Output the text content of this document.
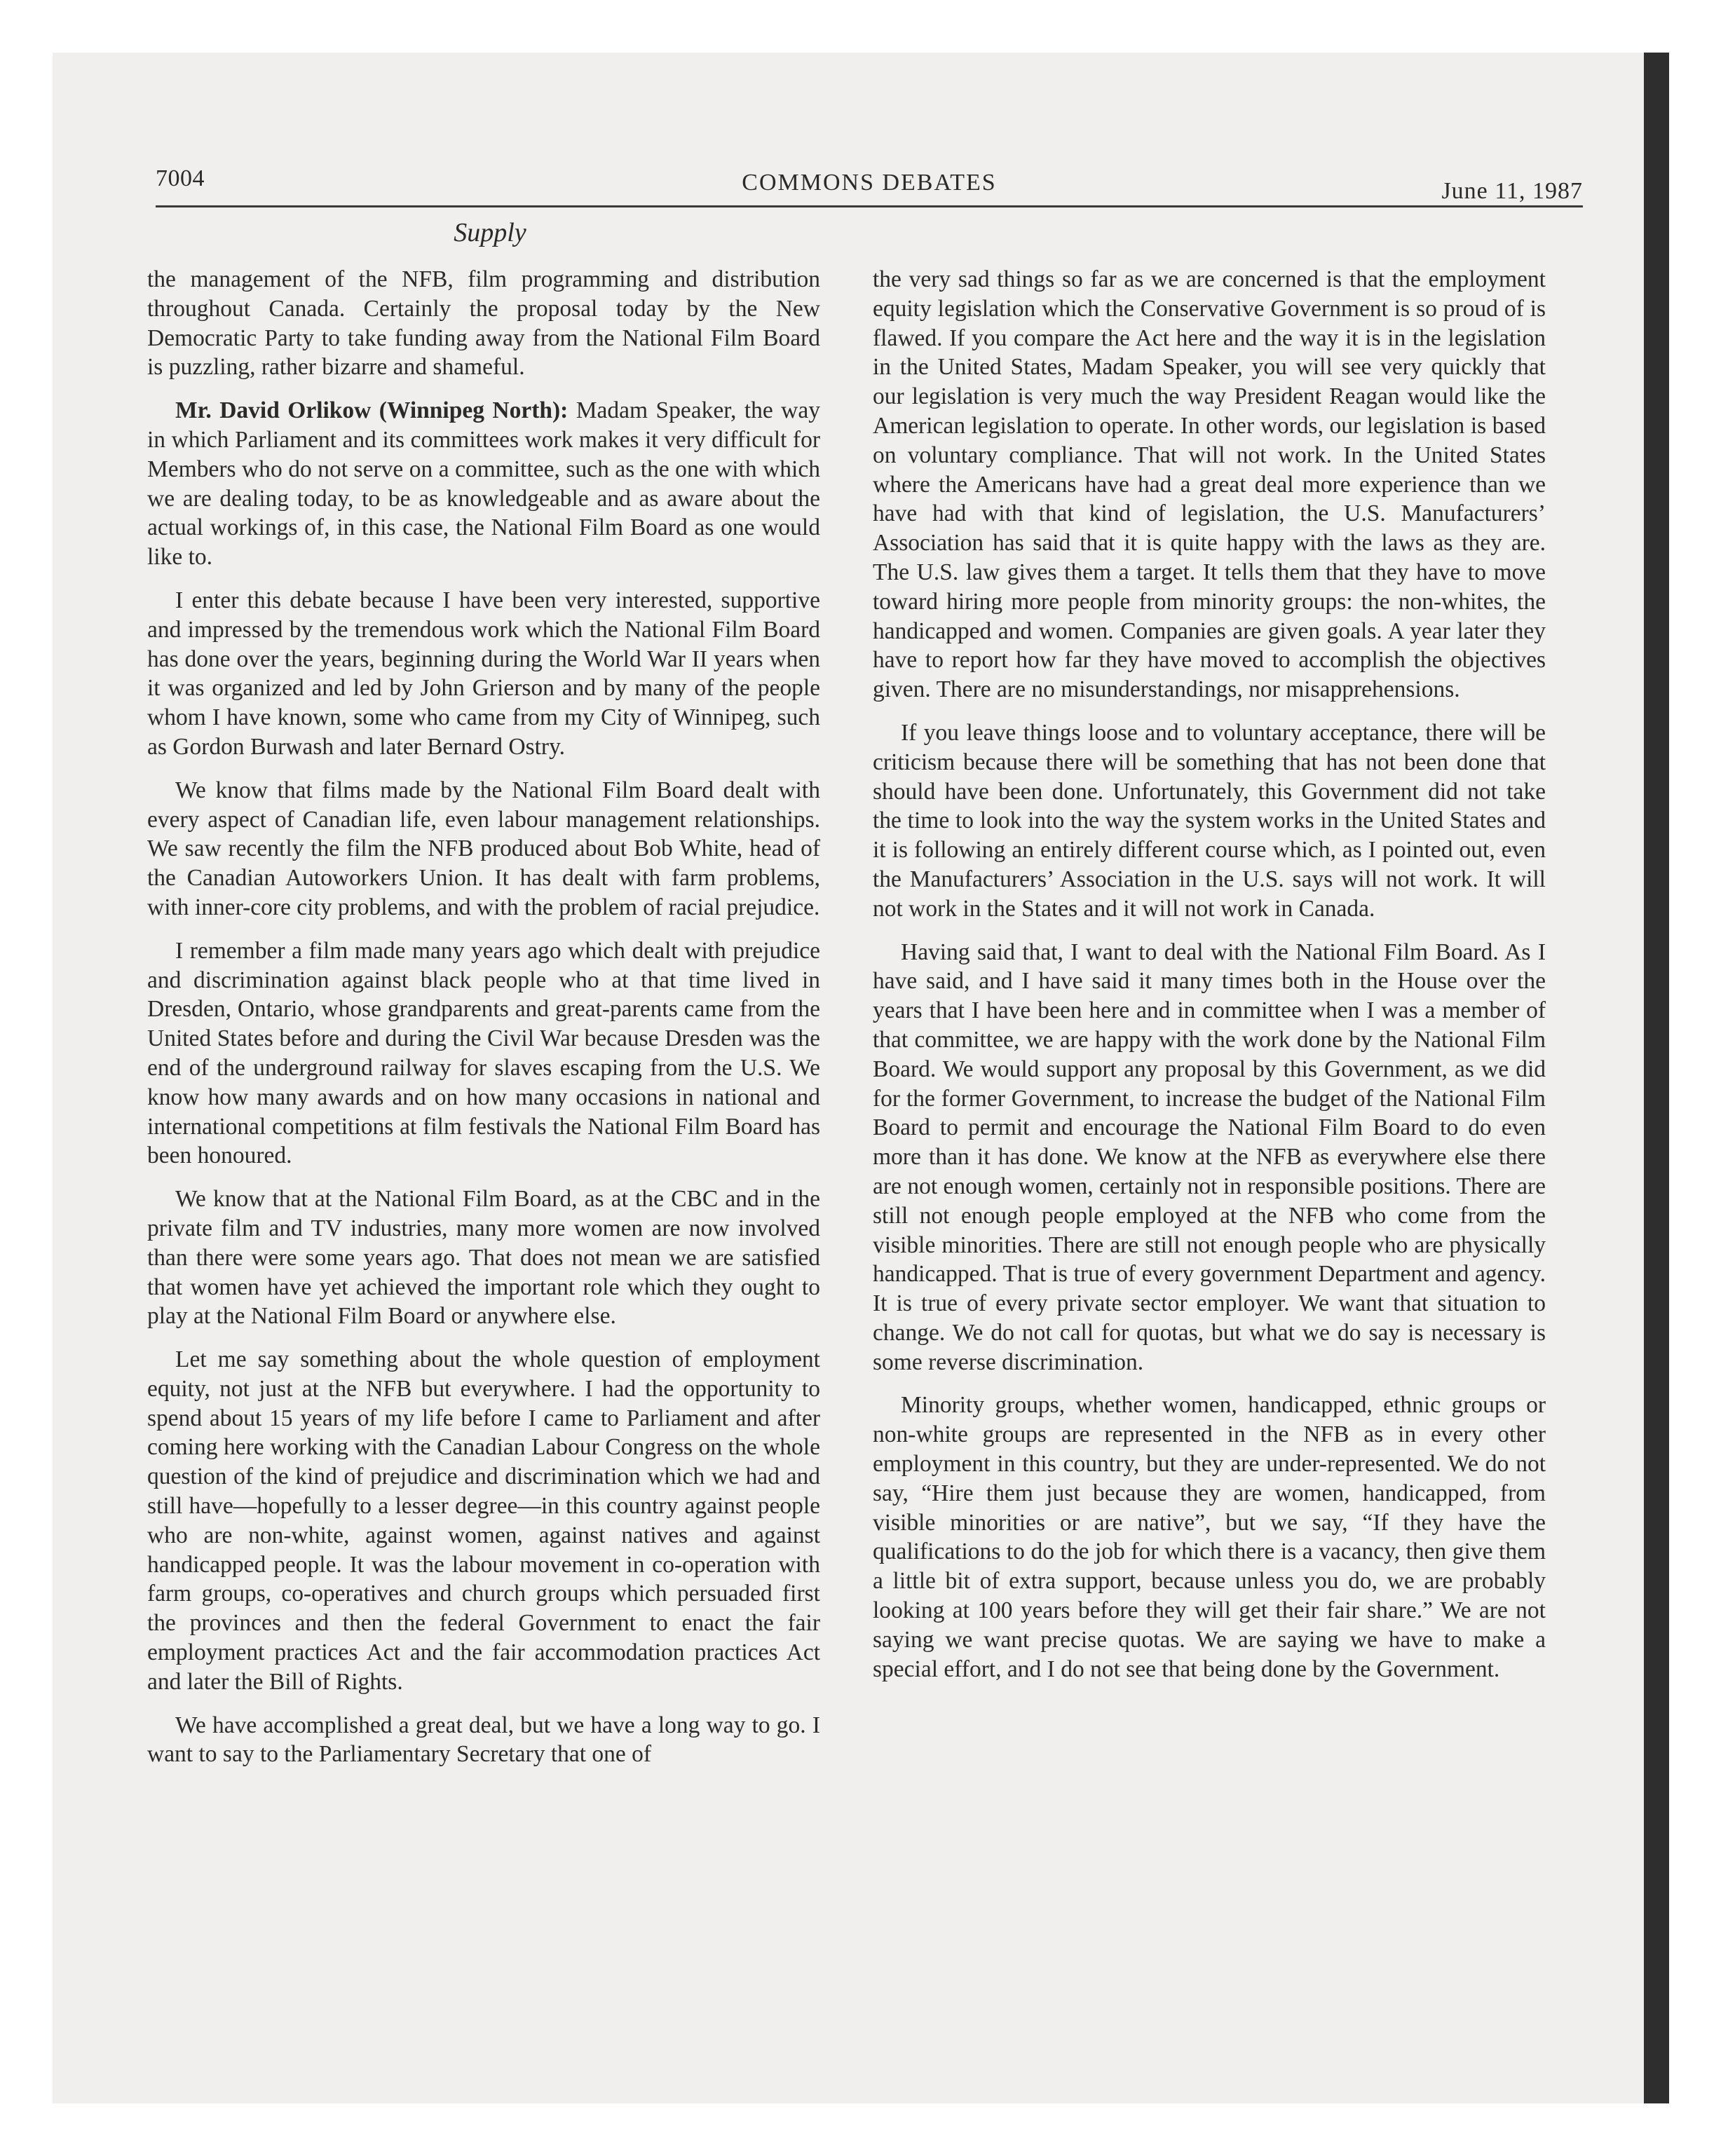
7004	COMMONS DEBATES	June 11, 1987
Supply

the management of the NFB, film programming and distribution throughout Canada. Certainly the proposal today by the New Democratic Party to take funding away from the National Film Board is puzzling, rather bizarre and shameful.

Mr. David Orlikow (Winnipeg North): Madam Speaker, the way in which Parliament and its committees work makes it very difficult for Members who do not serve on a committee, such as the one with which we are dealing today, to be as knowledgeable and as aware about the actual workings of, in this case, the National Film Board as one would like to.

I enter this debate because I have been very interested, supportive and impressed by the tremendous work which the National Film Board has done over the years, beginning during the World War II years when it was organized and led by John Grierson and by many of the people whom I have known, some who came from my City of Winnipeg, such as Gordon Burwash and later Bernard Ostry.

We know that films made by the National Film Board dealt with every aspect of Canadian life, even labour management relationships. We saw recently the film the NFB produced about Bob White, head of the Canadian Autoworkers Union. It has dealt with farm problems, with inner-core city problems, and with the problem of racial prejudice.

I remember a film made many years ago which dealt with prejudice and discrimination against black people who at that time lived in Dresden, Ontario, whose grandparents and great-parents came from the United States before and during the Civil War because Dresden was the end of the underground railway for slaves escaping from the U.S. We know how many awards and on how many occasions in national and international competitions at film festivals the National Film Board has been honoured.

We know that at the National Film Board, as at the CBC and in the private film and TV industries, many more women are now involved than there were some years ago. That does not mean we are satisfied that women have yet achieved the important role which they ought to play at the National Film Board or anywhere else.

Let me say something about the whole question of employment equity, not just at the NFB but everywhere. I had the opportunity to spend about 15 years of my life before I came to Parliament and after coming here working with the Canadian Labour Congress on the whole question of the kind of prejudice and discrimination which we had and still have—hopefully to a lesser degree—in this country against people who are non-white, against women, against natives and against handicapped people. It was the labour movement in co-operation with farm groups, co-operatives and church groups which persuaded first the provinces and then the federal Government to enact the fair employment practices Act and the fair accommodation practices Act and later the Bill of Rights.

We have accomplished a great deal, but we have a long way to go. I want to say to the Parliamentary Secretary that one of

the very sad things so far as we are concerned is that the employment equity legislation which the Conservative Government is so proud of is flawed. If you compare the Act here and the way it is in the legislation in the United States, Madam Speaker, you will see very quickly that our legislation is very much the way President Reagan would like the American legislation to operate. In other words, our legislation is based on voluntary compliance. That will not work. In the United States where the Americans have had a great deal more experience than we have had with that kind of legislation, the U.S. Manufacturers’ Association has said that it is quite happy with the laws as they are. The U.S. law gives them a target. It tells them that they have to move toward hiring more people from minority groups: the non-whites, the handicapped and women. Companies are given goals. A year later they have to report how far they have moved to accomplish the objectives given. There are no misunderstandings, nor misapprehensions.

If you leave things loose and to voluntary acceptance, there will be criticism because there will be something that has not been done that should have been done. Unfortunately, this Government did not take the time to look into the way the system works in the United States and it is following an entirely different course which, as I pointed out, even the Manufacturers’ Association in the U.S. says will not work. It will not work in the States and it will not work in Canada.

Having said that, I want to deal with the National Film Board. As I have said, and I have said it many times both in the House over the years that I have been here and in committee when I was a member of that committee, we are happy with the work done by the National Film Board. We would support any proposal by this Government, as we did for the former Government, to increase the budget of the National Film Board to permit and encourage the National Film Board to do even more than it has done. We know at the NFB as everywhere else there are not enough women, certainly not in responsible positions. There are still not enough people employed at the NFB who come from the visible minorities. There are still not enough people who are physically handicapped. That is true of every government Department and agency. It is true of every private sector employer. We want that situation to change. We do not call for quotas, but what we do say is necessary is some reverse discrimination.

Minority groups, whether women, handicapped, ethnic groups or non-white groups are represented in the NFB as in every other employment in this country, but they are under-represented. We do not say, “Hire them just because they are women, handicapped, from visible minorities or are native”, but we say, “If they have the qualifications to do the job for which there is a vacancy, then give them a little bit of extra support, because unless you do, we are probably looking at 100 years before they will get their fair share.” We are not saying we want precise quotas. We are saying we have to make a special effort, and I do not see that being done by the Government.
